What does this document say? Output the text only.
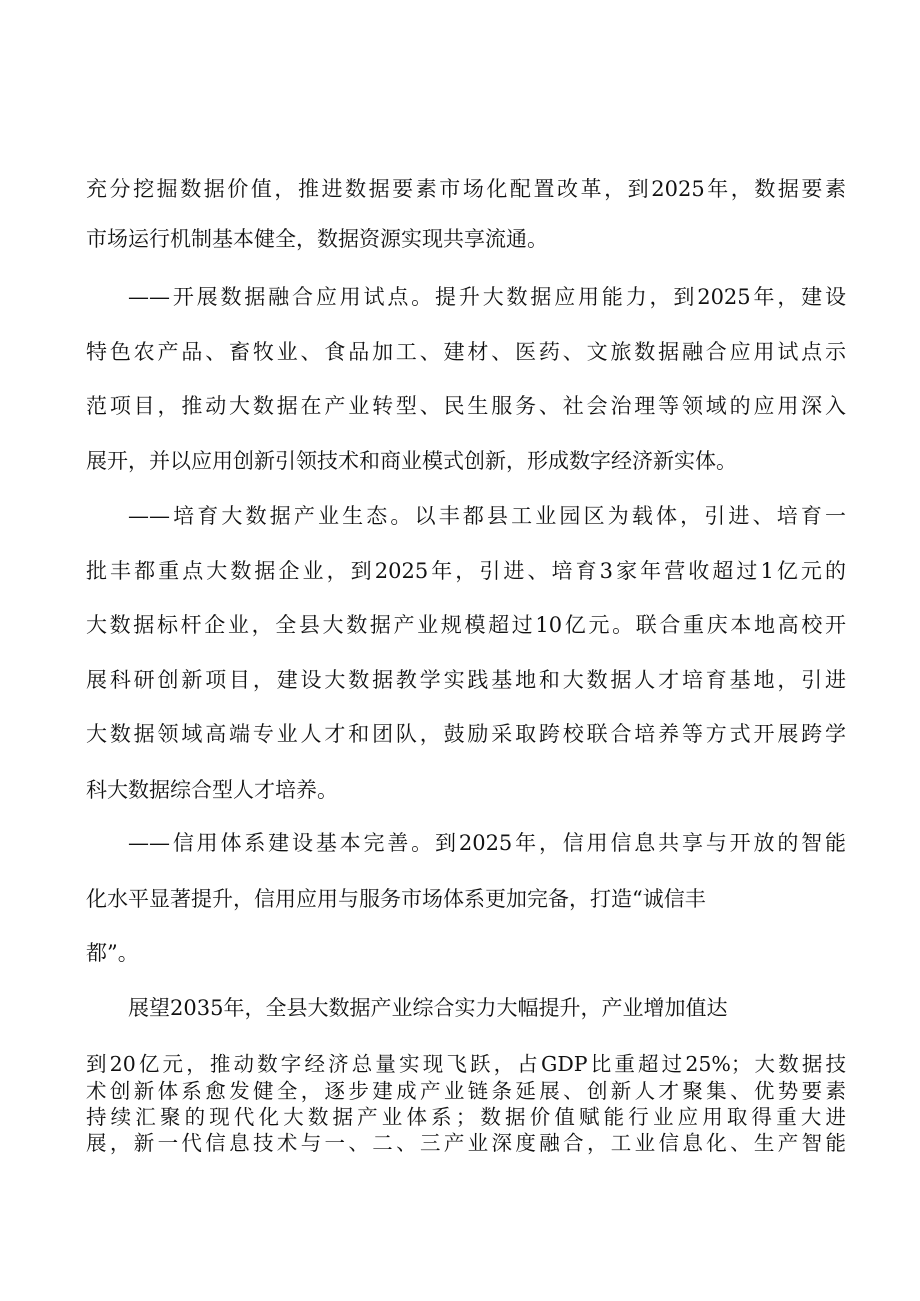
充分挖掘数据价值，推进数据要素市场化配置改革，到2025年，数据要素
市场运行机制基本健全，数据资源实现共享流通。
——开展数据融合应用试点。提升大数据应用能力，到2025年，建设
特色农产品、畜牧业、食品加工、建材、医药、文旅数据融合应用试点示
范项目，推动大数据在产业转型、民生服务、社会治理等领域的应用深入
展开，并以应用创新引领技术和商业模式创新，形成数字经济新实体。
——培育大数据产业生态。以丰都县工业园区为载体，引进、培育一
批丰都重点大数据企业，到2025年，引进、培育3家年营收超过1亿元的
大数据标杆企业，全县大数据产业规模超过10亿元。联合重庆本地高校开
展科研创新项目，建设大数据教学实践基地和大数据人才培育基地，引进
大数据领域高端专业人才和团队，鼓励采取跨校联合培养等方式开展跨学
科大数据综合型人才培养。
——信用体系建设基本完善。到2025年，信用信息共享与开放的智能
化水平显著提升，信用应用与服务市场体系更加完备，打造“诚信丰
都”。
展望2035年，全县大数据产业综合实力大幅提升，产业增加值达
到20亿元，推动数字经济总量实现飞跃，占GDP比重超过25%；大数据技
术创新体系愈发健全，逐步建成产业链条延展、创新人才聚集、优势要素
持续汇聚的现代化大数据产业体系；数据价值赋能行业应用取得重大进
展，新一代信息技术与一、二、三产业深度融合，工业信息化、生产智能
